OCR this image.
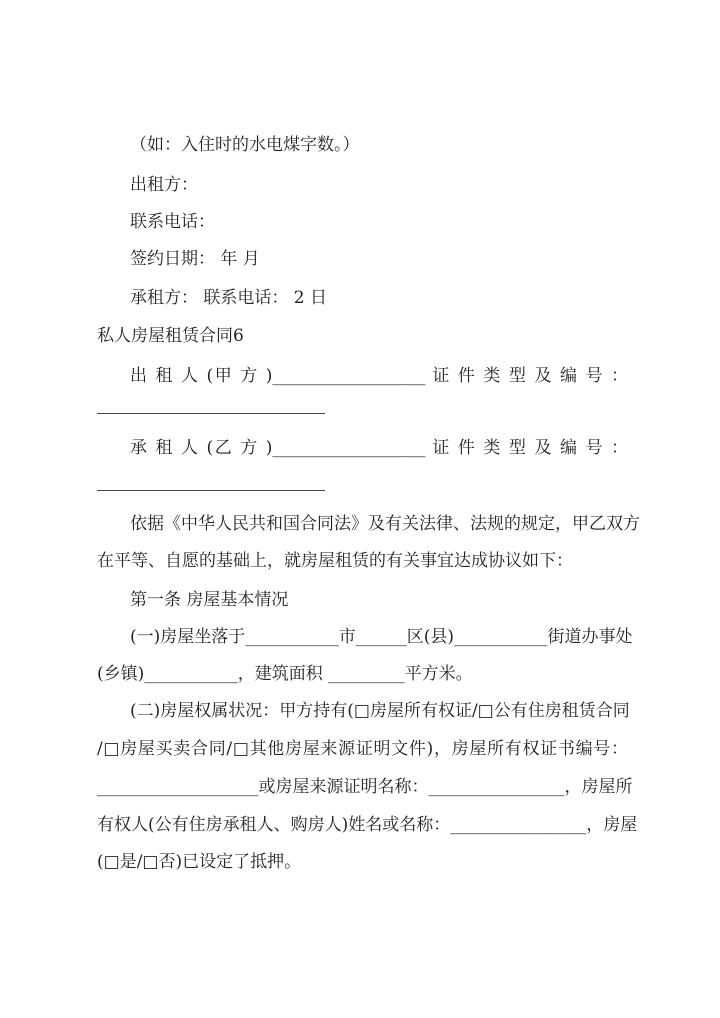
（如：入住时的水电煤字数。）
出租方：
联系电话：
签约日期： 年 月
承租方： 联系电话： 2 日
私人房屋租赁合同6
出 租 人 (甲 方 )__________________ 证 件 类 型 及 编 号 ：
承 租 人 (乙 方 )__________________ 证 件 类 型 及 编 号 ：
依据《中华人民共和国合同法》及有关法律、法规的规定，甲乙双方
在平等、自愿的基础上，就房屋租赁的有关事宜达成协议如下：
第一条 房屋基本情况
(一)房屋坐落于___________市______区(县)___________街道办事处
(乡镇)___________，建筑面积 _________平方米。
(二)房屋权属状况：甲方持有(□房屋所有权证/□公有住房租赁合同
/□房屋买卖合同/□其他房屋来源证明文件)，房屋所有权证书编号：
___________________或房屋来源证明名称：________________，房屋所
有权人(公有住房承租人、购房人)姓名或名称：________________，房屋
(□是/□否)已设定了抵押。
